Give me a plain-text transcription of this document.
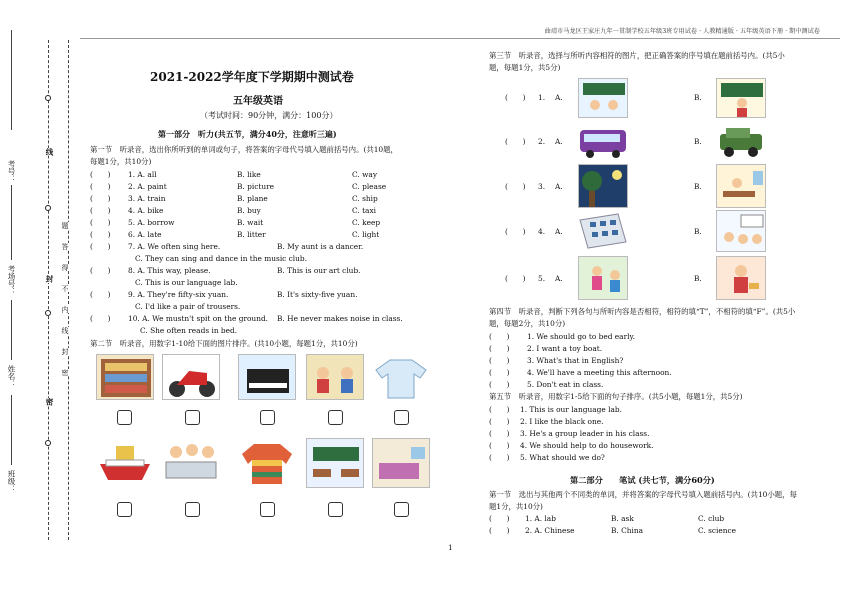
曲靖市马龙区王家庄九年一贯制学校五年级3班专用试卷 · 人教精通版 · 五年级英语下册 · 期中测试卷
考号：
考场号：
姓名：
班级：
线
封
密
题
答
得
不
内
线
封
密
2021-2022学年度下学期期中测试卷
五年级英语
（考试时间：90分钟，满分：100分）
第一部分　听力(共五节，满分40分，注意听三遍)
第一节　听录音，选出你所听到的单词或句子，将答案的字母代号填入题前括号内。(共10题，
每题1分，共10分)
(　　) 1. A. all	B. like	C. way
(　　) 2. A. paint	B. picture	C. please
(　　) 3. A. train	B. plane	C. ship
(　　) 4. A. bike	B. buy	C. taxi
(　　) 5. A. borrow	B. wait	C. keep
(　　) 6. A. late	B. litter	C. light
(　　) 7. A. We often sing here.	B. My aunt is a dancer.
C. They can sing and dance in the music club.
(　　) 8. A. This way, please.	B. This is our art club.
C. This is our language lab.
(　　) 9. A. They're fifty-six yuan.	B. It's sixty-five yuan.
C. I'd like a pair of trousers.
(　　) 10. A. We mustn't spit on the ground. B. He never makes noise in class.
C. She often reads in bed.
第二节　听录音，用数字1-10给下面的图片排序。(共10小题，每题1分，共10分)
1
第三节　听录音，选择与所听内容相符的图片，把正确答案的序号填在题前括号内。(共5小
题，每题1分，共5分)
(　　) 1. A.	B.
(　　) 2. A.	B.
(　　) 3. A.	B.
(　　) 4. A.	B.
(　　) 5. A.	B.
第四节　听录音，判断下列各句与所听内容是否相符，相符的填“T”，不相符的填“F”。(共5小
题，每题2分，共10分)
(　　) 1. We should go to bed early.
(　　) 2. I want a toy boat.
(　　) 3. What's that in English?
(　　) 4. We'll have a meeting this afternoon.
(　　) 5. Don't eat in class.
第五节　听录音，用数字1-5给下面的句子排序。(共5小题，每题1分，共5分)
(　　) 1. This is our language lab.
(　　) 2. I like the black one.
(　　) 3. He's a group leader in his class.
(　　) 4. We should help to do housework.
(　　) 5. What should we do?
第二部分　　笔试 (共七节，满分60分)
第一节　选出与其他两个不同类的单词，并将答案的字母代号填入题前括号内。(共10小题，每
题1分，共10分)
(　　) 1. A. lab	B. ask	C. club
(　　) 2. A. Chinese	B. China	C. science
